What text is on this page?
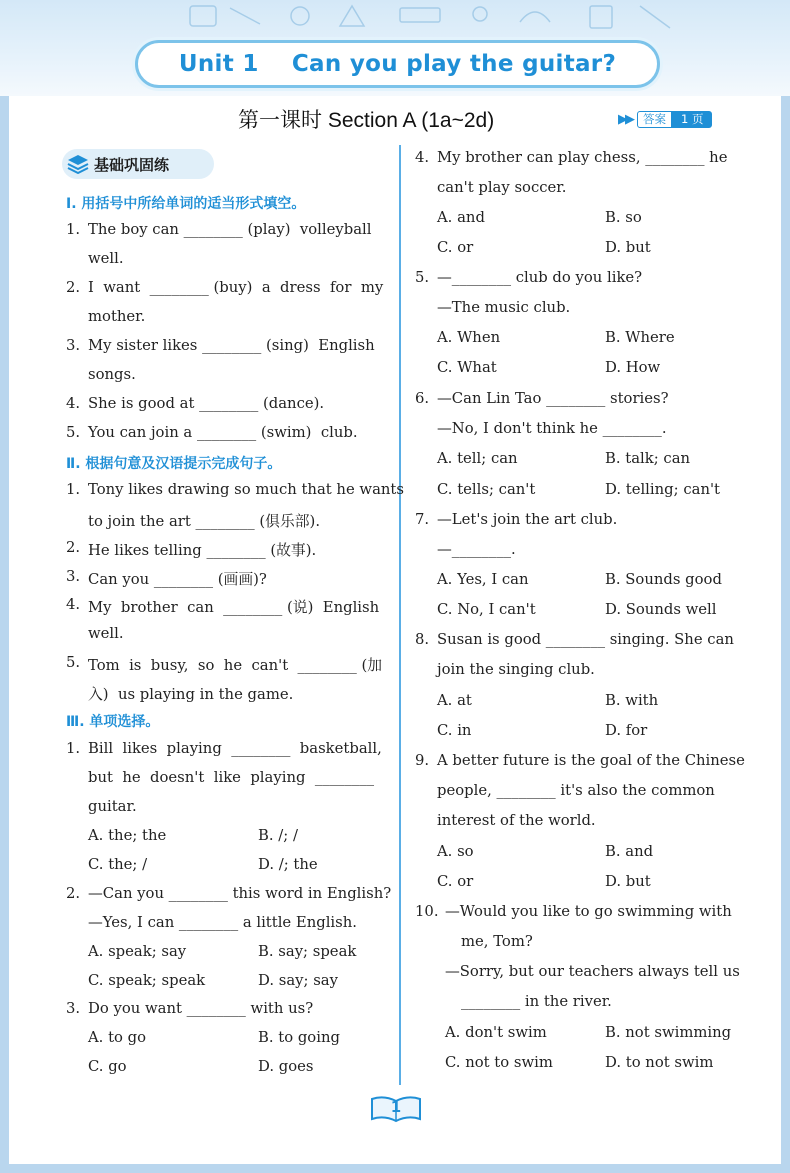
Unit 1    Can you play the guitar?
第一课时 Section A (1a~2d)	▶▶ 答案	1 页
基础巩固练
Ⅰ. 用括号中所给单词的适当形式填空。
1. The boy can ________ (play)  volleyball
well.
2. I  want  ________ (buy)  a  dress  for  my
mother.
3. My sister likes ________ (sing)  English
songs.
4. She is good at ________ (dance).
5. You can join a ________ (swim)  club.
Ⅱ. 根据句意及汉语提示完成句子。
1. Tony likes drawing so much that he wants
to join the art ________ (俱乐部).
2. He likes telling ________ (故事).
3. Can you ________ (画画)?
4. My  brother  can  ________ (说)  English
well.
5. Tom  is  busy,  so  he  can't  ________ (加
入)  us playing in the game.
Ⅲ. 单项选择。
1. Bill  likes  playing  ________  basketball,
but  he  doesn't  like  playing  ________
guitar.
A. the; the	B. /; /
C. the; /	D. /; the
2. —Can you ________ this word in English?
—Yes, I can ________ a little English.
A. speak; say	B. say; speak
C. speak; speak	D. say; say
3. Do you want ________ with us?
A. to go	B. to going
C. go	D. goes
4. My brother can play chess, ________ he
can't play soccer.
A. and	B. so
C. or	D. but
5. —________ club do you like?
—The music club.
A. When	B. Where
C. What	D. How
6. —Can Lin Tao ________ stories?
—No, I don't think he ________.
A. tell; can	B. talk; can
C. tells; can't	D. telling; can't
7. —Let's join the art club.
—________.
A. Yes, I can	B. Sounds good
C. No, I can't	D. Sounds well
8. Susan is good ________ singing. She can
join the singing club.
A. at	B. with
C. in	D. for
9. A better future is the goal of the Chinese
people, ________ it's also the common
interest of the world.
A. so	B. and
C. or	D. but
10. —Would you like to go swimming with
me, Tom?
—Sorry, but our teachers always tell us
________ in the river.
A. don't swim	B. not swimming
C. not to swim	D. to not swim
1
